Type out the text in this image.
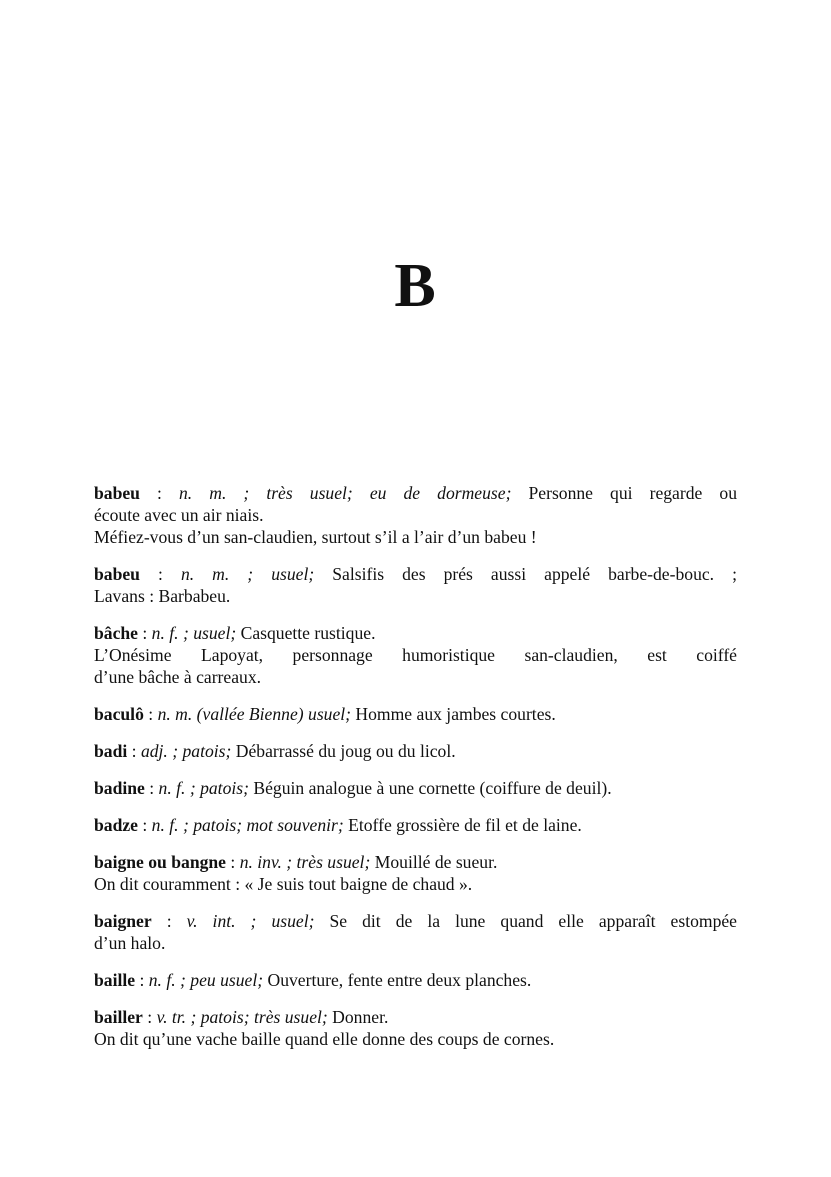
B
babeu : n. m. ; très usuel; eu de dormeuse; Personne qui regarde ou
écoute avec un air niais.
Méfiez-vous d’un san-claudien, surtout s’il a l’air d’un babeu !
babeu : n. m. ; usuel; Salsifis des prés aussi appelé barbe-de-bouc. ;
Lavans : Barbabeu.
bâche : n. f. ; usuel; Casquette rustique.
L’Onésime Lapoyat, personnage humoristique san-claudien, est coiffé
d’une bâche à carreaux.
baculô : n. m. (vallée Bienne) usuel; Homme aux jambes courtes.
badi : adj. ; patois; Débarrassé du joug ou du licol.
badine : n. f. ; patois; Béguin analogue à une cornette (coiffure de deuil).
badze : n. f. ; patois; mot souvenir; Etoffe grossière de fil et de laine.
baigne ou bangne : n. inv. ; très usuel; Mouillé de sueur.
On dit couramment : « Je suis tout baigne de chaud ».
baigner : v. int. ; usuel; Se dit de la lune quand elle apparaît estompée
d’un halo.
baille : n. f. ; peu usuel; Ouverture, fente entre deux planches.
bailler : v. tr. ; patois; très usuel; Donner.
On dit qu’une vache baille quand elle donne des coups de cornes.
